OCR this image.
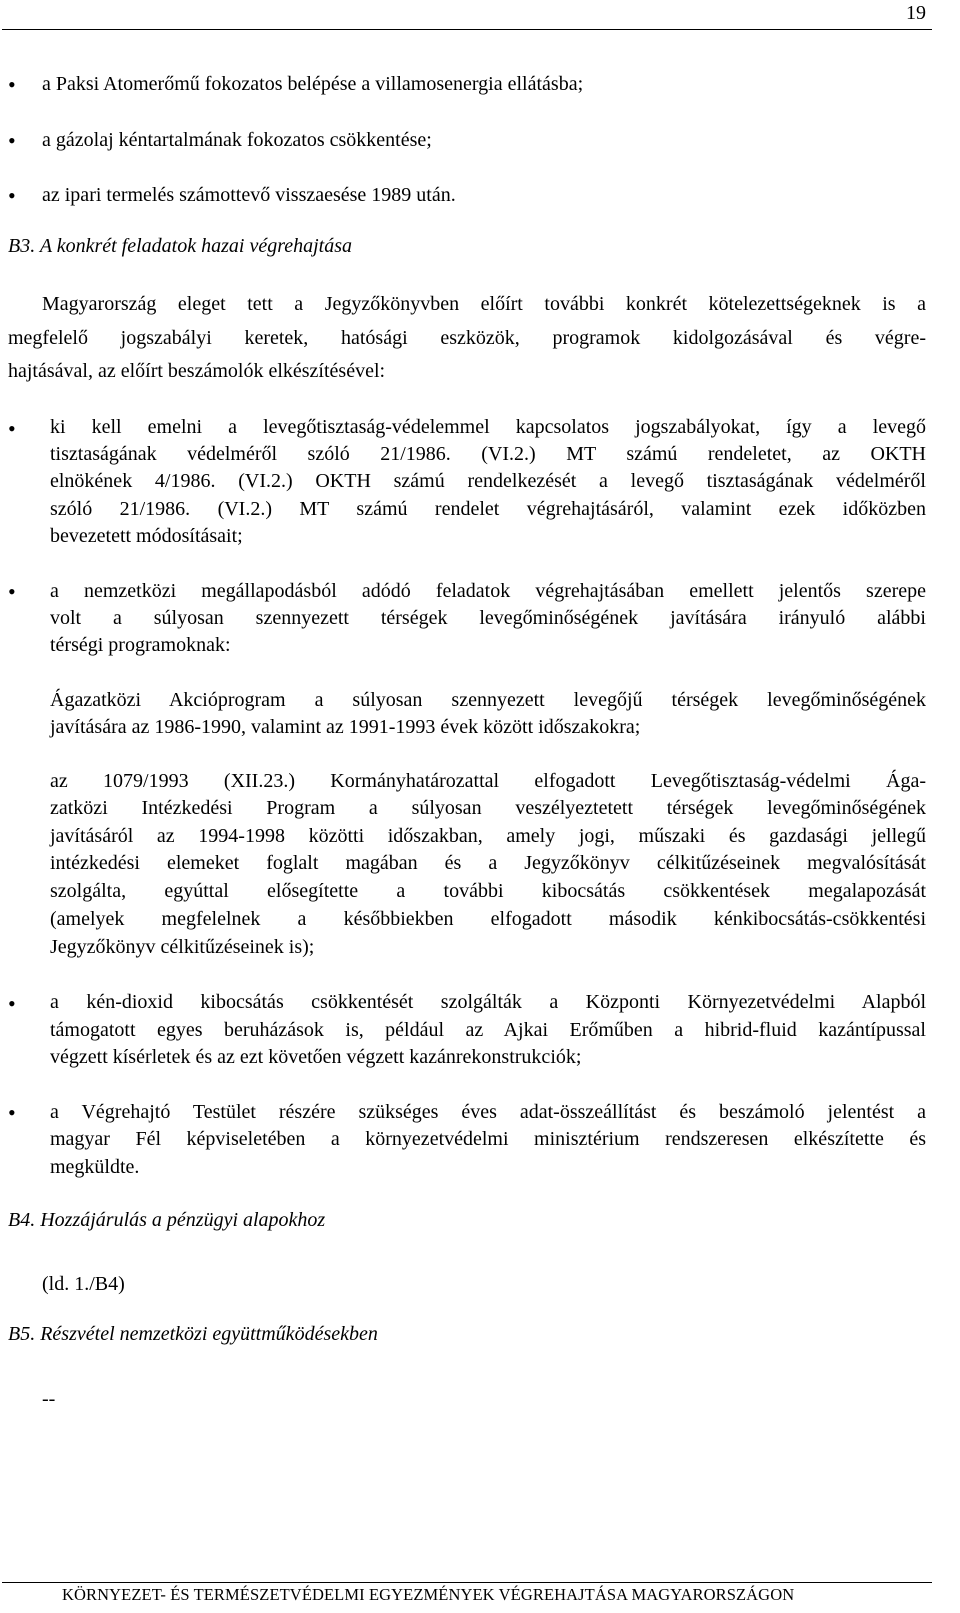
19
• a Paksi Atomerőmű fokozatos belépése a villamosenergia ellátásba;
• a gázolaj kéntartalmának fokozatos csökkentése;
• az ipari termelés számottevő visszaesése 1989 után.
B3. A konkrét feladatok hazai végrehajtása
Magyarország eleget tett a Jegyzőkönyvben előírt további konkrét kötelezettségeknek is a
megfelelő jogszabályi keretek, hatósági eszközök, programok kidolgozásával és végre-
hajtásával, az előírt beszámolók elkészítésével:
• ki kell emelni a levegőtisztaság-védelemmel kapcsolatos jogszabályokat, így a levegő
tisztaságának védelméről szóló 21/1986. (VI.2.) MT számú rendeletet, az OKTH
elnökének 4/1986. (VI.2.) OKTH számú rendelkezését a levegő tisztaságának védelméről
szóló 21/1986. (VI.2.) MT számú rendelet végrehajtásáról, valamint ezek időközben
bevezetett módosításait;
• a nemzetközi megállapodásból adódó feladatok végrehajtásában emellett jelentős szerepe
volt a súlyosan szennyezett térségek levegőminőségének javítására irányuló alábbi
térségi programoknak:
Ágazatközi Akcióprogram a súlyosan szennyezett levegőjű térségek levegőminőségének
javítására az 1986-1990, valamint az 1991-1993 évek között időszakokra;
az 1079/1993 (XII.23.) Kormányhatározattal elfogadott Levegőtisztaság-védelmi Ága-
zatközi Intézkedési Program a súlyosan veszélyeztetett térségek levegőminőségének
javításáról az 1994-1998 közötti időszakban, amely jogi, műszaki és gazdasági jellegű
intézkedési elemeket foglalt magában és a Jegyzőkönyv célkitűzéseinek megvalósítását
szolgálta, egyúttal elősegítette a további kibocsátás csökkentések megalapozását
(amelyek megfelelnek a későbbiekben elfogadott második kénkibocsátás-csökkentési
Jegyzőkönyv célkitűzéseinek is);
• a kén-dioxid kibocsátás csökkentését szolgálták a Központi Környezetvédelmi Alapból
támogatott egyes beruházások is, például az Ajkai Erőműben a hibrid-fluid kazántípussal
végzett kísérletek és az ezt követően végzett kazánrekonstrukciók;
• a Végrehajtó Testület részére szükséges éves adat-összeállítást és beszámoló jelentést a
magyar Fél képviseletében a környezetvédelmi minisztérium rendszeresen elkészítette és
megküldte.
B4. Hozzájárulás a pénzügyi alapokhoz
(ld. 1./B4)
B5. Részvétel nemzetközi együttműködésekben
--
KÖRNYEZET- ÉS TERMÉSZETVÉDELMI EGYEZMÉNYEK VÉGREHAJTÁSA MAGYARORSZÁGON
